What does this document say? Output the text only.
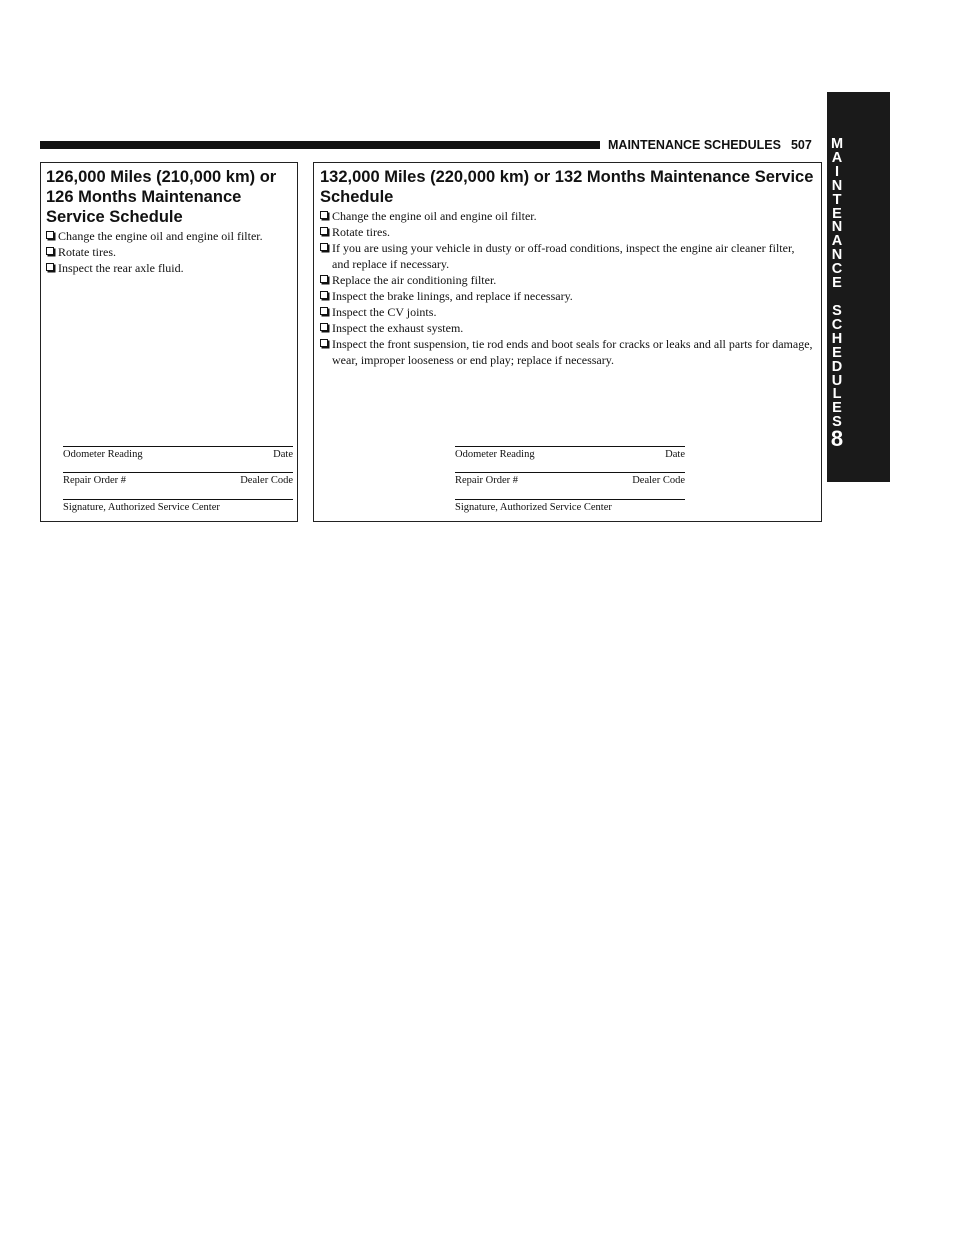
MAINTENANCE SCHEDULES 507 M
A
I
N
T
E
N
A
N
C
E
S
C
H
E
D
U
L
E
S
8
126,000 Miles (210,000 km) or 126 Months Maintenance Service Schedule
Change the engine oil and engine oil filter.
Rotate tires.
Inspect the rear axle fluid.
Odometer Reading	Date
Repair Order #	Dealer Code
Signature, Authorized Service Center
132,000 Miles (220,000 km) or 132 Months Maintenance Service Schedule
Change the engine oil and engine oil filter.
Rotate tires.
If you are using your vehicle in dusty or off-road conditions, inspect the engine air cleaner filter, and replace if necessary.
Replace the air conditioning filter.
Inspect the brake linings, and replace if necessary.
Inspect the CV joints.
Inspect the exhaust system.
Inspect the front suspension, tie rod ends and boot seals for cracks or leaks and all parts for damage, wear, improper looseness or end play; replace if necessary.
Odometer Reading	Date
Repair Order #	Dealer Code
Signature, Authorized Service Center
